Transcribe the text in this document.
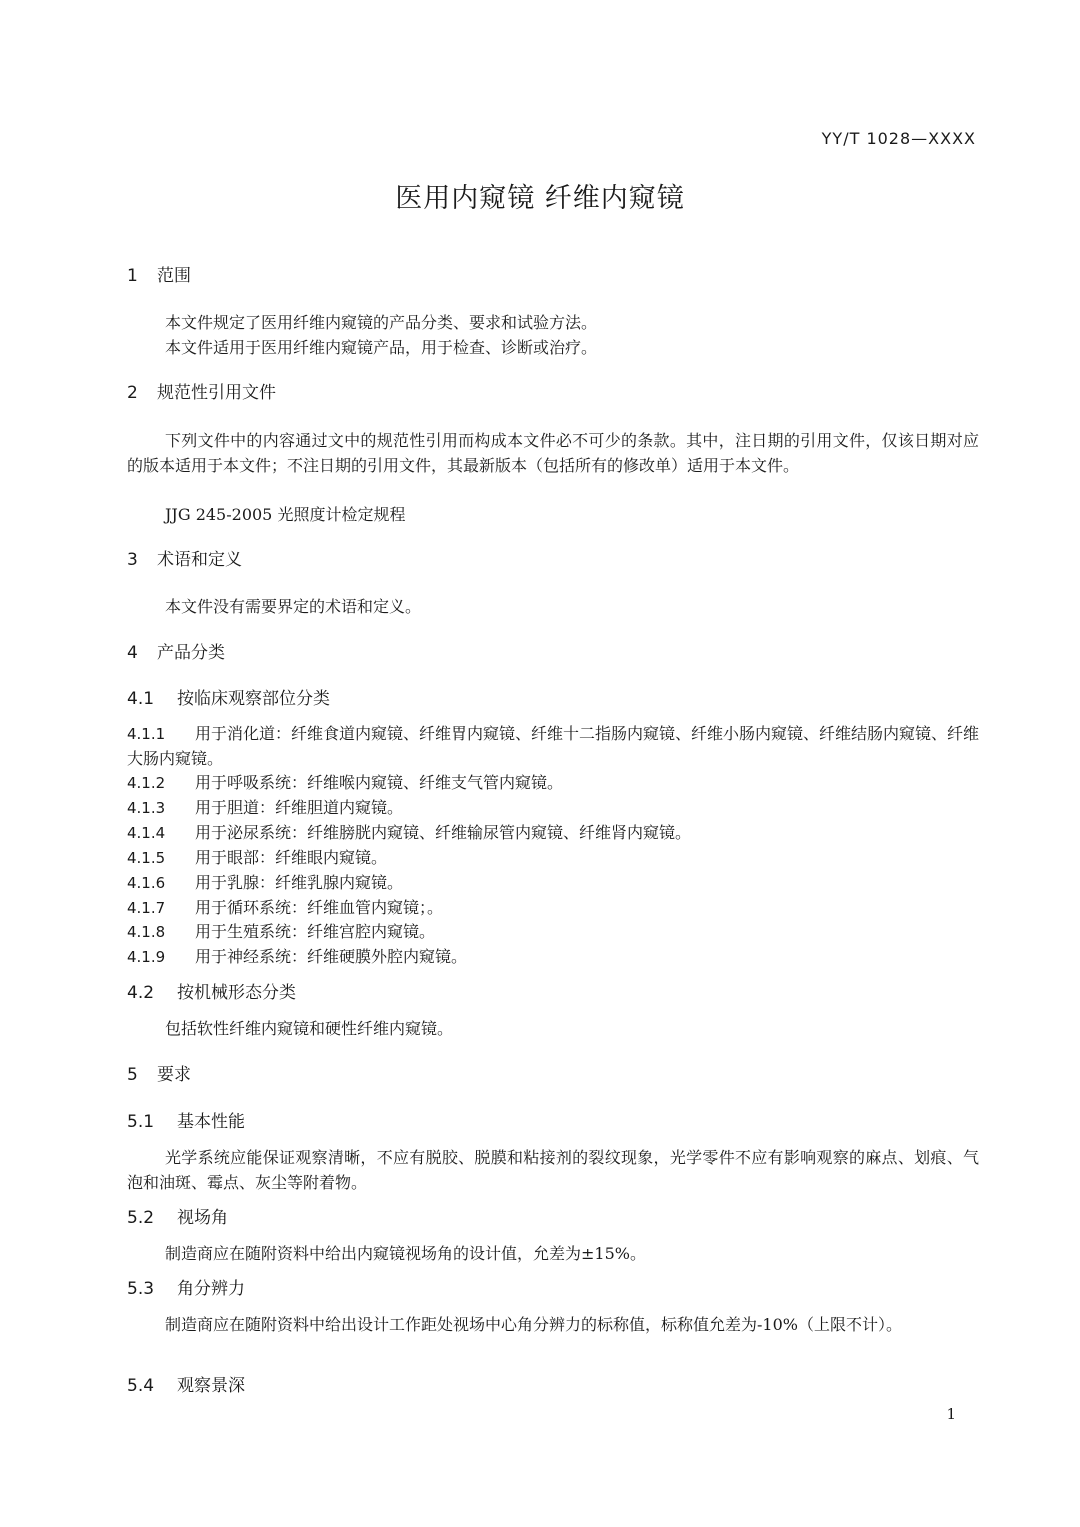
YY/T 1028—XXXX

医用内窥镜 纤维内窥镜
1 范围

本文件规定了医用纤维内窥镜的产品分类、要求和试验方法。

本文件适用于医用纤维内窥镜产品，用于检查、诊断或治疗。

2 规范性引用文件

下列文件中的内容通过文中的规范性引用而构成本文件必不可少的条款。其中，注日期的引用文件，仅该日期对应的版本适用于本文件；不注日期的引用文件，其最新版本（包括所有的修改单）适用于本文件。

JJG 245-2005 光照度计检定规程

3 术语和定义

本文件没有需要界定的术语和定义。

4 产品分类
4.1 按临床观察部位分类

4.1.1 用于消化道：纤维食道内窥镜、纤维胃内窥镜、纤维十二指肠内窥镜、纤维小肠内窥镜、纤维结肠内窥镜、纤维大肠内窥镜。

4.1.2 用于呼吸系统：纤维喉内窥镜、纤维支气管内窥镜。

4.1.3 用于胆道：纤维胆道内窥镜。

4.1.4 用于泌尿系统：纤维膀胱内窥镜、纤维输尿管内窥镜、纤维肾内窥镜。

4.1.5 用于眼部：纤维眼内窥镜。

4.1.6 用于乳腺：纤维乳腺内窥镜。

4.1.7 用于循环系统：纤维血管内窥镜；。

4.1.8 用于生殖系统：纤维宫腔内窥镜。

4.1.9 用于神经系统：纤维硬膜外腔内窥镜。

4.2 按机械形态分类

包括软性纤维内窥镜和硬性纤维内窥镜。

5 要求
5.1 基本性能

光学系统应能保证观察清晰，不应有脱胶、脱膜和粘接剂的裂纹现象，光学零件不应有影响观察的麻点、划痕、气泡和油斑、霉点、灰尘等附着物。

5.2 视场角

制造商应在随附资料中给出内窥镜视场角的设计值，允差为±15%。

5.3 角分辨力

制造商应在随附资料中给出设计工作距处视场中心角分辨力的标称值，标称值允差为-10%（上限不计）。

5.4 观察景深

1
